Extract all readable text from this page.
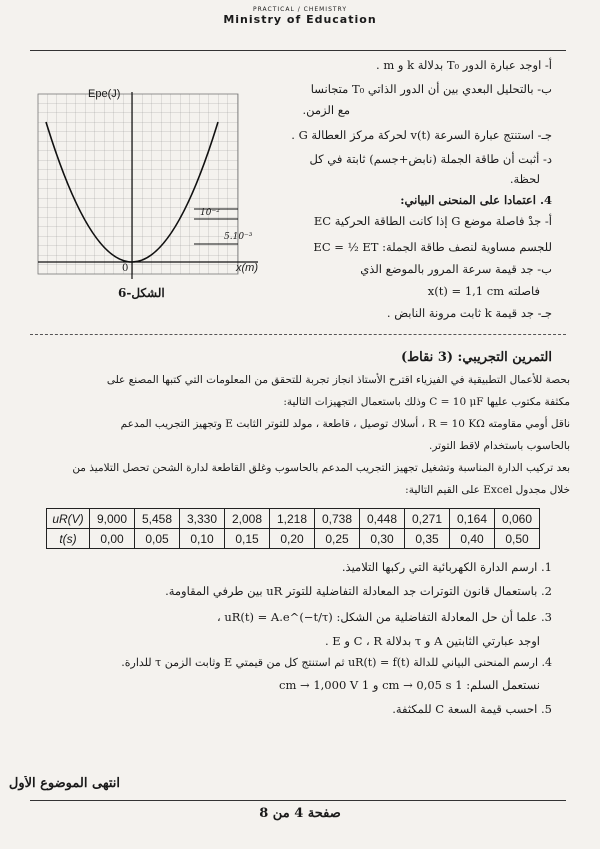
PRACTICAL / CHEMISTRY
Ministry of Education
أ- اوجد عبارة الدور T₀ بدلالة k و m .
ب- بالتحليل البعدي بين أن الدور الذاتي T₀ متجانسا
مع الزمن.
جـ- استنتج عبارة السرعة v(t) لحركة مركز العطالة G .
د- أثبت أن طاقة الجملة (نابض+جسم) ثابتة في كل
لحظة.
4. اعتمادا على المنحنى البياني:
أ- جدْ فاصلة موضع G إذا كانت الطاقة الحركية EC
للجسم مساوية لنصف طاقة الجملة: EC = ½ ET
ب- جد قيمة سرعة المرور بالموضع الذي
فاصلته x(t) = 1,1 cm
جـ- جد قيمة k ثابت مرونة النابض .
Epe(J)
x(m)
0
10⁻²
5.10⁻³
الشكل-6
التمرين التجريبي: (3 نقاط)
بحصة للأعمال التطبيقية في الفيزياء اقترح الأستاذ انجاز تجربة للتحقق من المعلومات التي كتبها المصنع على
مكثفة مكتوب عليها C = 10 μF وذلك باستعمال التجهيزات التالية:
ناقل أومي مقاومته R = 10 KΩ ، أسلاك توصيل ، قاطعة ، مولد للتوتر الثابت E وتجهيز التجريب المدعم
بالحاسوب باستخدام لاقط التوتر.
بعد تركيب الدارة المناسبة وتشغيل تجهيز التجريب المدعم بالحاسوب وغلق القاطعة لدارة الشحن تحصل التلاميذ من
خلال مجدول Excel على القيم التالية:
uR(V)	9,000	5,458	3,330	2,008	1,218	0,738	0,448	0,271	0,164	0,060
t(s)	0,00	0,05	0,10	0,15	0,20	0,25	0,30	0,35	0,40	0,50
1. ارسم الدارة الكهربائية التي ركبها التلاميذ.
2. باستعمال قانون التوترات جد المعادلة التفاضلية للتوتر uR بين طرفي المقاومة.
3. علما أن حل المعادلة التفاضلية من الشكل: uR(t) = A.e^(−t/τ) ،
اوجد عبارتي الثابتين A و τ بدلالة C ، R و E .
4. ارسم المنحنى البياني للدالة uR(t) = f(t) ثم استنتج كل من قيمتي E وثابت الزمن τ للدارة.
نستعمل السلم: 1 cm → 0,05 s و 1 cm → 1,000 V
5. احسب قيمة السعة C للمكثفة.
انتهى الموضوع الأول
صفحة 4 من 8
